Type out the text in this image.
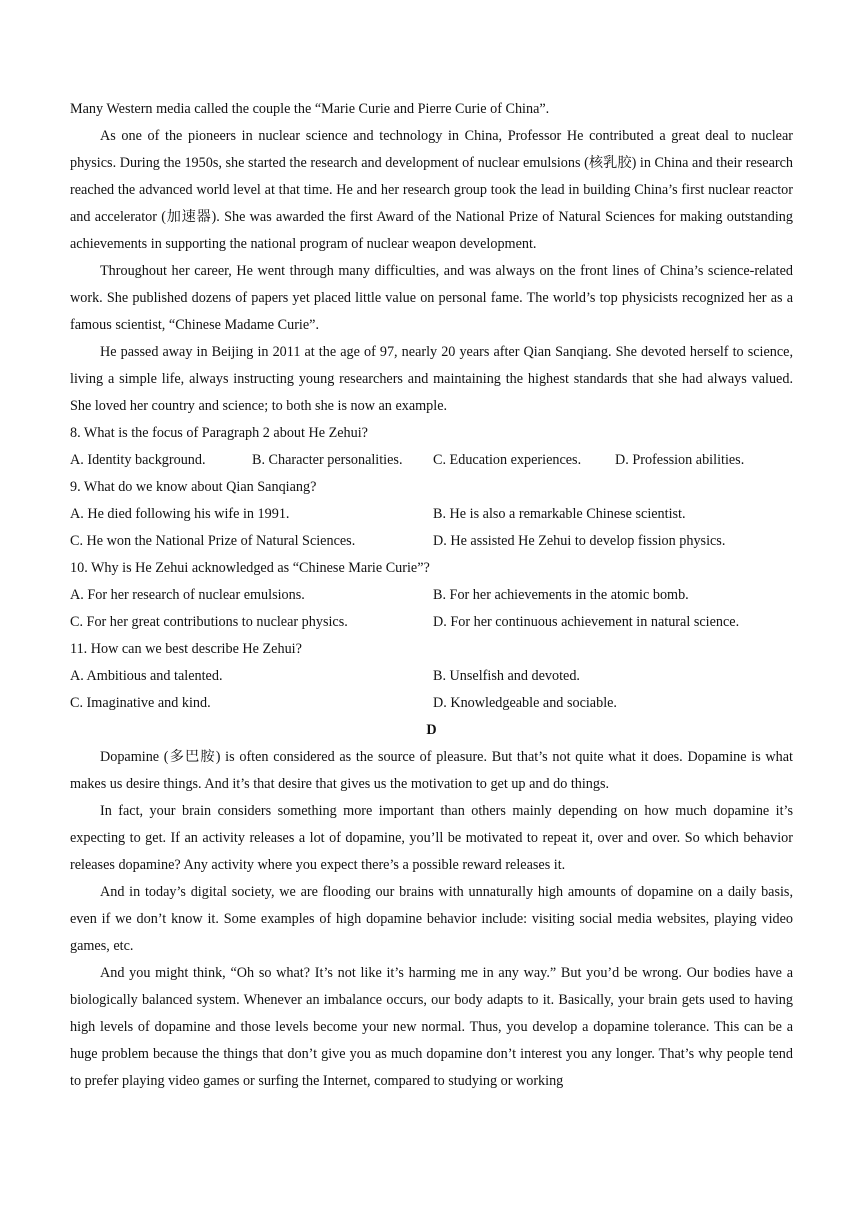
Many Western media called the couple the “Marie Curie and Pierre Curie of China”.

As one of the pioneers in nuclear science and technology in China, Professor He contributed a great deal to nuclear physics. During the 1950s, she started the research and development of nuclear emulsions (核乳胶) in China and their research reached the advanced world level at that time. He and her research group took the lead in building China’s first nuclear reactor and accelerator (加速器). She was awarded the first Award of the National Prize of Natural Sciences for making outstanding achievements in supporting the national program of nuclear weapon development.

Throughout her career, He went through many difficulties, and was always on the front lines of China’s science-related work. She published dozens of papers yet placed little value on personal fame. The world’s top physicists recognized her as a famous scientist, “Chinese Madame Curie”.

He passed away in Beijing in 2011 at the age of 97, nearly 20 years after Qian Sanqiang. She devoted herself to science, living a simple life, always instructing young researchers and maintaining the highest standards that she had always valued. She loved her country and science; to both she is now an example.

8. What is the focus of Paragraph 2 about He Zehui?

A. Identity background.	B. Character personalities.	C. Education experiences.	D. Profession abilities.

9. What do we know about Qian Sanqiang?

A. He died following his wife in 1991.	B. He is also a remarkable Chinese scientist.
C. He won the National Prize of Natural Sciences.	D. He assisted He Zehui to develop fission physics.

10. Why is He Zehui acknowledged as “Chinese Marie Curie”?

A. For her research of nuclear emulsions.	B. For her achievements in the atomic bomb.
C. For her great contributions to nuclear physics.	D. For her continuous achievement in natural science.

11. How can we best describe He Zehui?

A. Ambitious and talented.	B. Unselfish and devoted.
C. Imaginative and kind.	D. Knowledgeable and sociable.

D

Dopamine (多巴胺) is often considered as the source of pleasure. But that’s not quite what it does. Dopamine is what makes us desire things. And it’s that desire that gives us the motivation to get up and do things.

In fact, your brain considers something more important than others mainly depending on how much dopamine it’s expecting to get. If an activity releases a lot of dopamine, you’ll be motivated to repeat it, over and over. So which behavior releases dopamine? Any activity where you expect there’s a possible reward releases it.

And in today’s digital society, we are flooding our brains with unnaturally high amounts of dopamine on a daily basis, even if we don’t know it. Some examples of high dopamine behavior include: visiting social media websites, playing video games, etc.

And you might think, “Oh so what? It’s not like it’s harming me in any way.” But you’d be wrong. Our bodies have a biologically balanced system. Whenever an imbalance occurs, our body adapts to it. Basically, your brain gets used to having high levels of dopamine and those levels become your new normal. Thus, you develop a dopamine tolerance. This can be a huge problem because the things that don’t give you as much dopamine don’t interest you any longer. That’s why people tend to prefer playing video games or surfing the Internet, compared to studying or working
